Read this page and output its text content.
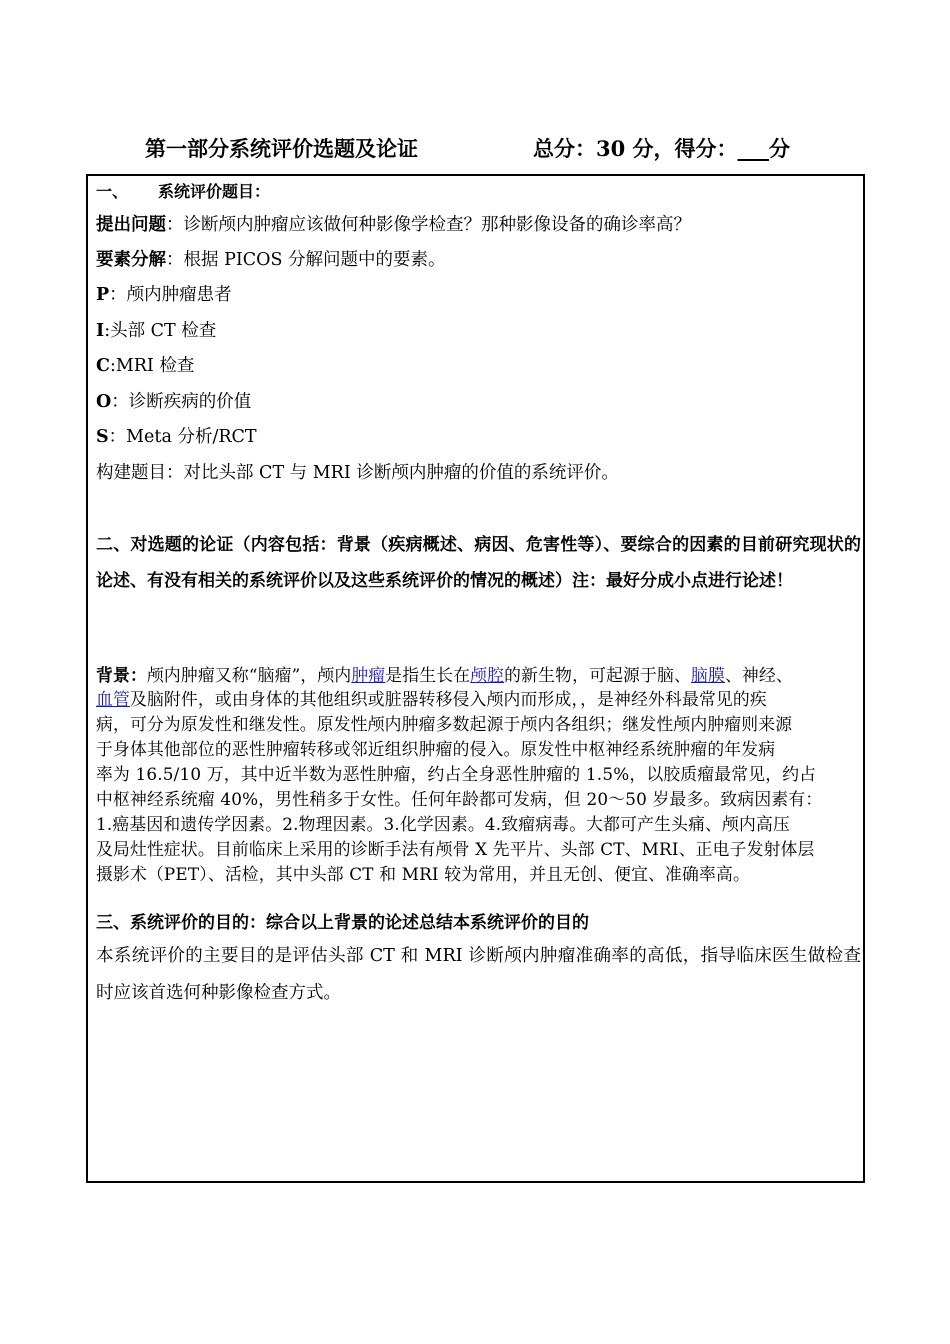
第一部分系统评价选题及论证	总分：30 分，得分：___分
一、 系统评价题目：
提出问题：诊断颅内肿瘤应该做何种影像学检查？那种影像设备的确诊率高？
要素分解：根据 PICOS 分解问题中的要素。
P：颅内肿瘤患者
I:头部 CT 检查
C:MRI 检查
O：诊断疾病的价值
S：Meta 分析/RCT
构建题目：对比头部 CT 与 MRI 诊断颅内肿瘤的价值的系统评价。
二、对选题的论证（内容包括：背景（疾病概述、病因、危害性等）、要综合的因素的目前研究现状的论述、有没有相关的系统评价以及这些系统评价的情况的概述）注：最好分成小点进行论述！
背景：颅内肿瘤又称“脑瘤”，颅内肿瘤是指生长在颅腔的新生物，可起源于脑、脑膜、神经、
血管及脑附件，或由身体的其他组织或脏器转移侵入颅内而形成，，是神经外科最常见的疾
病，可分为原发性和继发性。原发性颅内肿瘤多数起源于颅内各组织；继发性颅内肿瘤则来源
于身体其他部位的恶性肿瘤转移或邻近组织肿瘤的侵入。原发性中枢神经系统肿瘤的年发病
率为 16.5/10 万，其中近半数为恶性肿瘤，约占全身恶性肿瘤的 1.5%，以胶质瘤最常见，约占
中枢神经系统瘤 40%，男性稍多于女性。任何年龄都可发病，但 20～50 岁最多。致病因素有：
1.癌基因和遗传学因素。2.物理因素。3.化学因素。4.致瘤病毒。大都可产生头痛、颅内高压
及局灶性症状。目前临床上采用的诊断手法有颅骨 X 先平片、头部 CT、MRI、正电子发射体层
摄影术（PET）、活检，其中头部 CT 和 MRI 较为常用，并且无创、便宜、准确率高。
三、系统评价的目的：综合以上背景的论述总结本系统评价的目的
本系统评价的主要目的是评估头部 CT 和 MRI 诊断颅内肿瘤准确率的高低，指导临床医生做检查时应该首选何种影像检查方式。
